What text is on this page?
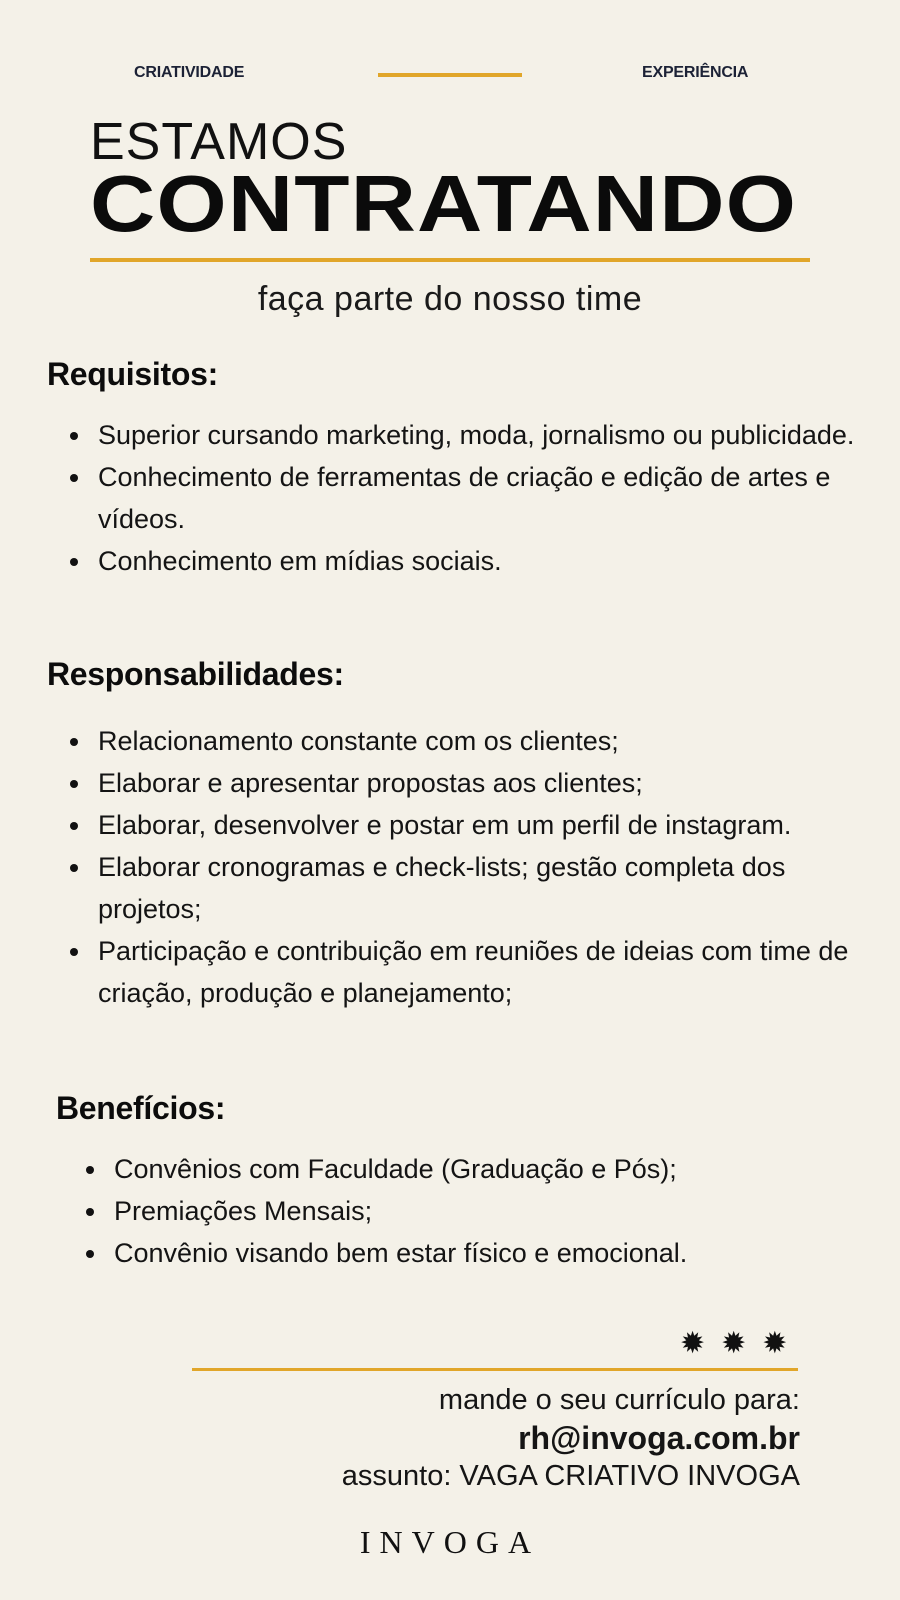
CRIATIVIDADE	EXPERIÊNCIA
ESTAMOS
CONTRATANDO
faça parte do nosso time
Requisitos:
Superior cursando marketing, moda, jornalismo ou publicidade.
Conhecimento de ferramentas de criação e edição de artes e vídeos.
Conhecimento em mídias sociais.
Responsabilidades:
Relacionamento constante com os clientes;
Elaborar e apresentar propostas aos clientes;
Elaborar, desenvolver e postar em um perfil de instagram.
Elaborar cronogramas e check-lists; gestão completa dos projetos;
Participação e contribuição em reuniões de ideias com time de criação, produção e planejamento;
Benefícios:
Convênios com Faculdade (Graduação e Pós);
Premiações Mensais;
Convênio visando bem estar físico e emocional.
✹✹✹
mande o seu currículo para:
rh@invoga.com.br
assunto: VAGA CRIATIVO INVOGA
INVOGA
